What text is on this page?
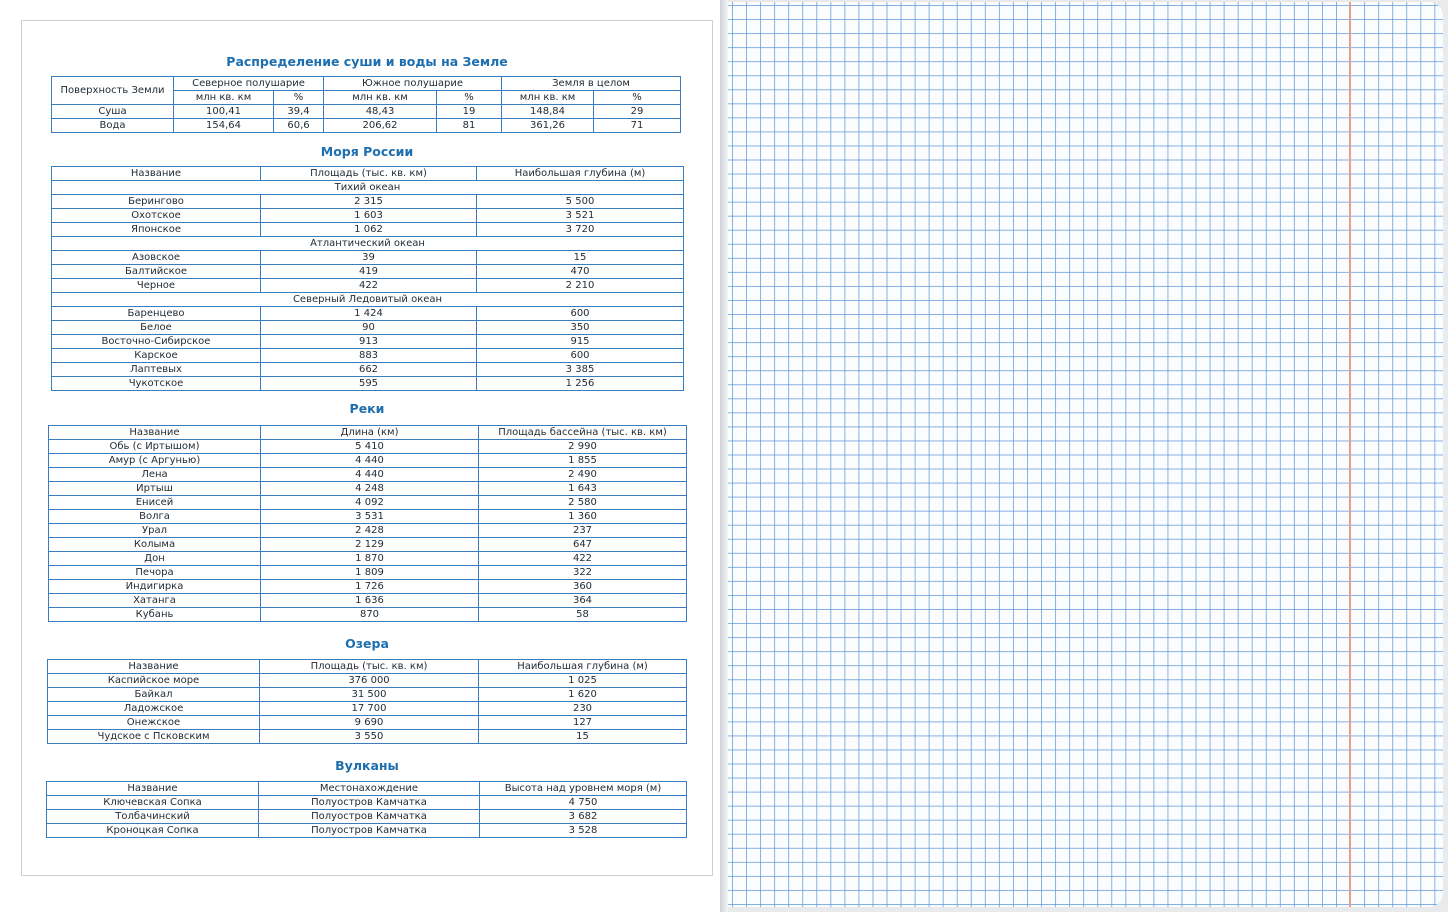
Распределение суши и воды на Земле
Поверхность Земли	Северное полушарие		Южное полушарие		Земля в целом	
	млн кв. км	%	млн кв. км	%	млн кв. км	%
Суша	100,41	39,4	48,43	19	148,84	29
Вода	154,64	60,6	206,62	81	361,26	71
Моря России
Название	Площадь (тыс. кв. км)	Наибольшая глубина (м)
Тихий океан		
Берингово	2 315	5 500
Охотское	1 603	3 521
Японское	1 062	3 720
Атлантический океан		
Азовское	39	15
Балтийское	419	470
Черное	422	2 210
Северный Ледовитый океан		
Баренцево	1 424	600
Белое	90	350
Восточно-Сибирское	913	915
Карское	883	600
Лаптевых	662	3 385
Чукотское	595	1 256
Реки
Название	Длина (км)	Площадь бассейна (тыс. кв. км)
Обь (с Иртышом)	5 410	2 990
Амур (с Аргунью)	4 440	1 855
Лена	4 440	2 490
Иртыш	4 248	1 643
Енисей	4 092	2 580
Волга	3 531	1 360
Урал	2 428	237
Колыма	2 129	647
Дон	1 870	422
Печора	1 809	322
Индигирка	1 726	360
Хатанга	1 636	364
Кубань	870	58
Озера
Название	Площадь (тыс. кв. км)	Наибольшая глубина (м)
Каспийское море	376 000	1 025
Байкал	31 500	1 620
Ладожское	17 700	230
Онежское	9 690	127
Чудское с Псковским	3 550	15
Вулканы
Название	Местонахождение	Высота над уровнем моря (м)
Ключевская Сопка	Полуостров Камчатка	4 750
Толбачинский	Полуостров Камчатка	3 682
Кроноцкая Сопка	Полуостров Камчатка	3 528
